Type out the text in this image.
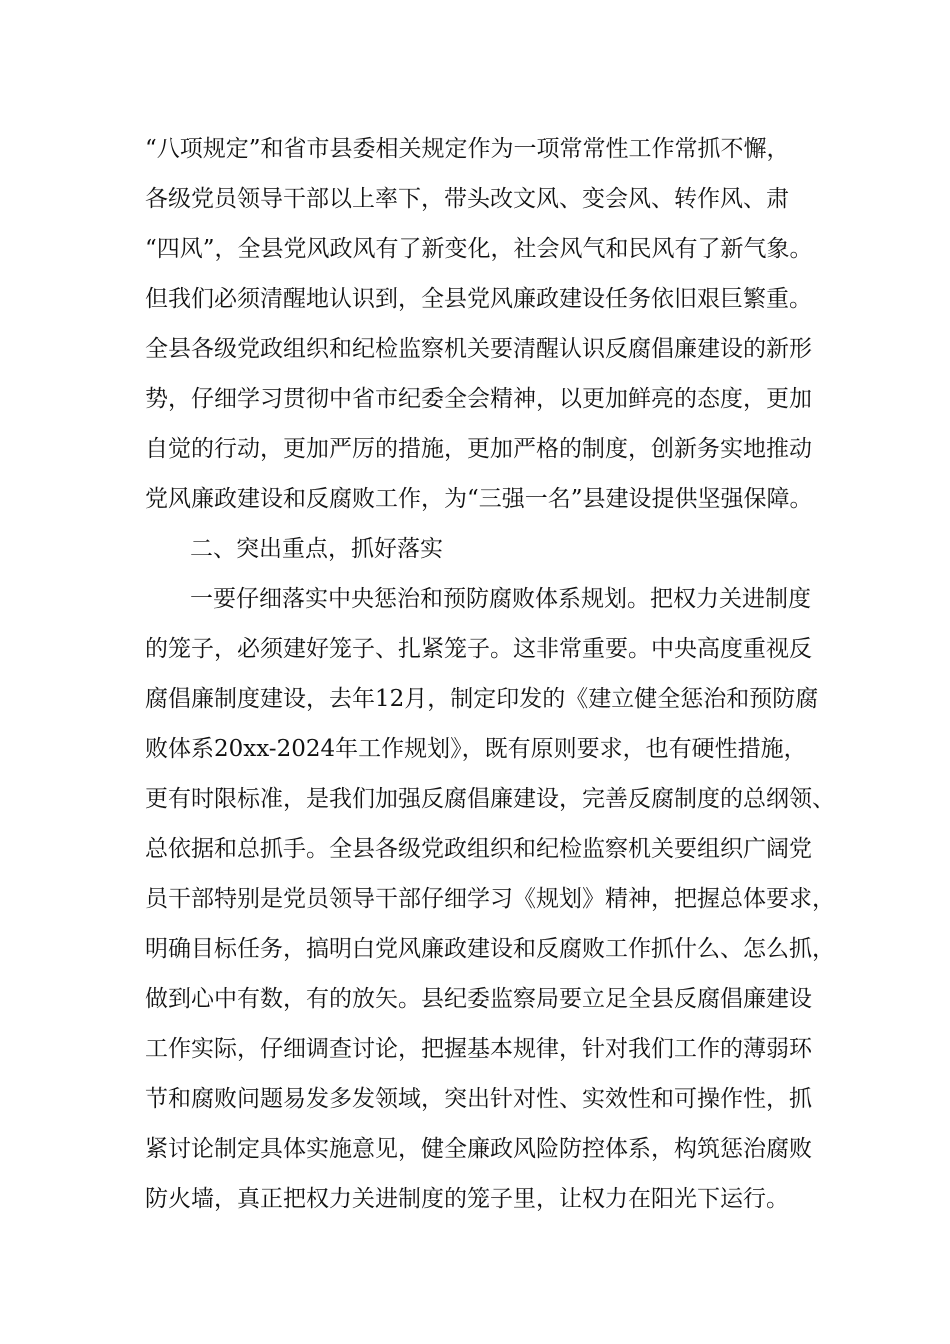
“八项规定”和省市县委相关规定作为一项常常性工作常抓不懈，
各级党员领导干部以上率下，带头改文风、变会风、转作风、肃
“四风”，全县党风政风有了新变化，社会风气和民风有了新气象。
但我们必须清醒地认识到，全县党风廉政建设任务依旧艰巨繁重。
全县各级党政组织和纪检监察机关要清醒认识反腐倡廉建设的新形
势，仔细学习贯彻中省市纪委全会精神，以更加鲜亮的态度，更加
自觉的行动，更加严厉的措施，更加严格的制度，创新务实地推动
党风廉政建设和反腐败工作，为“三强一名”县建设提供坚强保障。
二、突出重点，抓好落实
一要仔细落实中央惩治和预防腐败体系规划。把权力关进制度
的笼子，必须建好笼子、扎紧笼子。这非常重要。中央高度重视反
腐倡廉制度建设，去年12月，制定印发的《建立健全惩治和预防腐
败体系20xx-2024年工作规划》，既有原则要求，也有硬性措施，
更有时限标准，是我们加强反腐倡廉建设，完善反腐制度的总纲领、
总依据和总抓手。全县各级党政组织和纪检监察机关要组织广阔党
员干部特别是党员领导干部仔细学习《规划》精神，把握总体要求，
明确目标任务，搞明白党风廉政建设和反腐败工作抓什么、怎么抓，
做到心中有数，有的放矢。县纪委监察局要立足全县反腐倡廉建设
工作实际，仔细调查讨论，把握基本规律，针对我们工作的薄弱环
节和腐败问题易发多发领域，突出针对性、实效性和可操作性，抓
紧讨论制定具体实施意见，健全廉政风险防控体系，构筑惩治腐败
防火墙，真正把权力关进制度的笼子里，让权力在阳光下运行。
